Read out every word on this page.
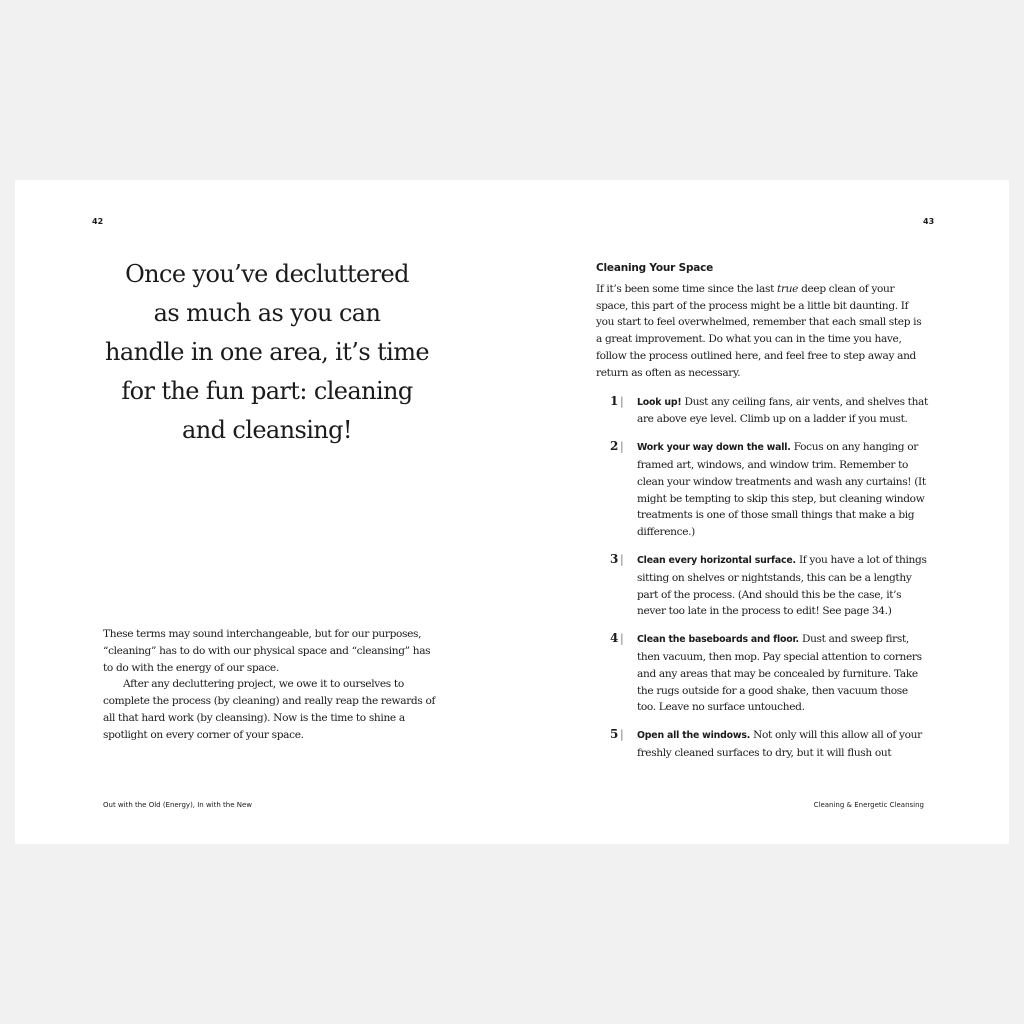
42
Once you’ve decluttered
as much as you can
handle in one area, it’s time
for the fun part: cleaning
and cleansing!

These terms may sound interchangeable, but for our purposes, “cleaning” has to do with our physical space and “cleansing” has to do with the energy of our space.

After any decluttering project, we owe it to ourselves to complete the process (by cleaning) and really reap the rewards of all that hard work (by cleansing). Now is the time to shine a spotlight on every corner of your space.

Out with the Old (Energy), In with the New
43
Cleaning Your Space

If it’s been some time since the last true deep clean of your space, this part of the process might be a little bit daunting. If you start to feel overwhelmed, remember that each small step is a great improvement. Do what you can in the time you have, follow the process outlined here, and feel free to step away and return as often as necessary.

1 | Look up! Dust any ceiling fans, air vents, and shelves that are above eye level. Climb up on a ladder if you must.
2 | Work your way down the wall. Focus on any hanging or framed art, windows, and window trim. Remember to clean your window treatments and wash any curtains! (It might be tempting to skip this step, but cleaning window treatments is one of those small things that make a big difference.)
3 | Clean every horizontal surface. If you have a lot of things sitting on shelves or nightstands, this can be a lengthy part of the process. (And should this be the case, it’s never too late in the process to edit! See page 34.)
4 | Clean the baseboards and floor. Dust and sweep first, then vacuum, then mop. Pay special attention to corners and any areas that may be concealed by furniture. Take the rugs outside for a good shake, then vacuum those too. Leave no surface untouched.
5 | Open all the windows. Not only will this allow all of your freshly cleaned surfaces to dry, but it will flush out
Cleaning & Energetic Cleansing
